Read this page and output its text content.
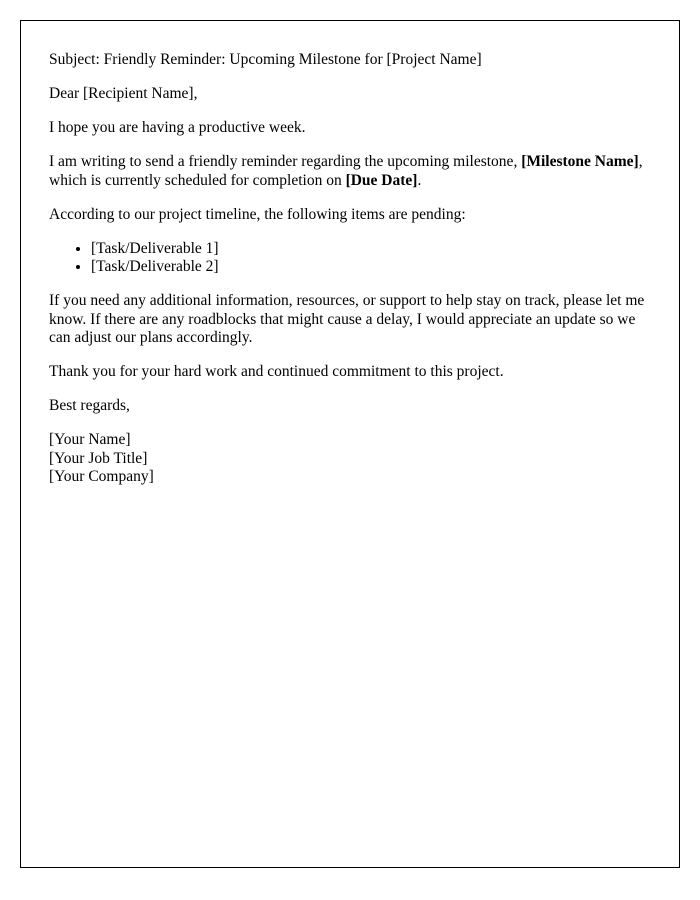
Subject: Friendly Reminder: Upcoming Milestone for [Project Name]

Dear [Recipient Name],

I hope you are having a productive week.

I am writing to send a friendly reminder regarding the upcoming milestone, [Milestone Name], which is currently scheduled for completion on [Due Date].

According to our project timeline, the following items are pending:

• [Task/Deliverable 1]
• [Task/Deliverable 2]

If you need any additional information, resources, or support to help stay on track, please let me know. If there are any roadblocks that might cause a delay, I would appreciate an update so we can adjust our plans accordingly.

Thank you for your hard work and continued commitment to this project.

Best regards,

[Your Name]
[Your Job Title]
[Your Company]
